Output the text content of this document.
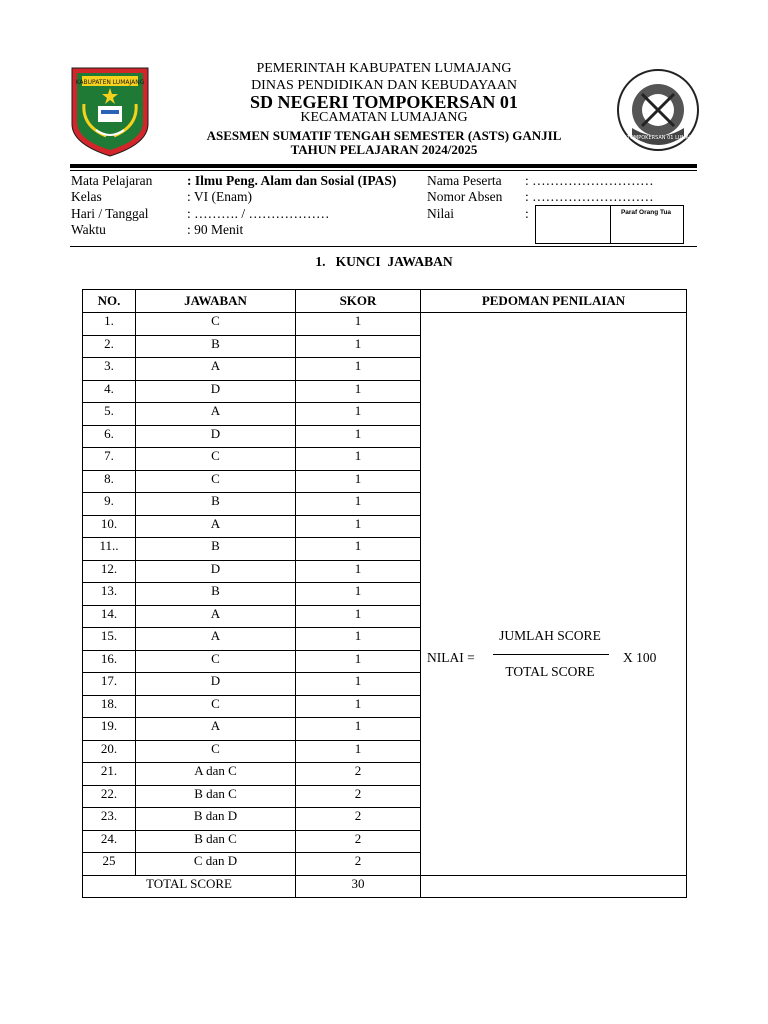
KABUPATEN LUMAJANG
SDN TOMPOKERSAN 01 LUMAJANG
PEMERINTAH KABUPATEN LUMAJANG
DINAS PENDIDIKAN DAN KEBUDAYAAN
SD NEGERI TOMPOKERSAN 01
KECAMATAN LUMAJANG
ASESMEN SUMATIF TENGAH SEMESTER (ASTS) GANJIL
TAHUN PELAJARAN 2024/2025
Mata Pelajaran	: Ilmu Peng. Alam dan Sosial (IPAS)
Kelas	: VI (Enam)
Hari / Tanggal	: ………. / ………………
Waktu	: 90 Menit
Nama Peserta : ………………………
Nomor Absen : ………………………
Nilai	:	Paraf Orang Tua
1.   KUNCI  JAWABAN
NO.	JAWABAN	SKOR	PEDOMAN PENILAIAN
1.	C	1	NILAI =
JUMLAH SCORE
TOTAL SCORE
X 100

2.	B	1	
3.	A	1	
4.	D	1	
5.	A	1	
6.	D	1	
7.	C	1	
8.	C	1	
9.	B	1	
10.	A	1	
11..	B	1	
12.	D	1	
13.	B	1	
14.	A	1	
15.	A	1	
16.	C	1	
17.	D	1	
18.	C	1	
19.	A	1	
20.	C	1	
21.	A dan C	2	
22.	B dan C	2	
23.	B dan D	2	
24.	B dan C	2	
25	C dan D	2	
TOTAL SCORE		30	
